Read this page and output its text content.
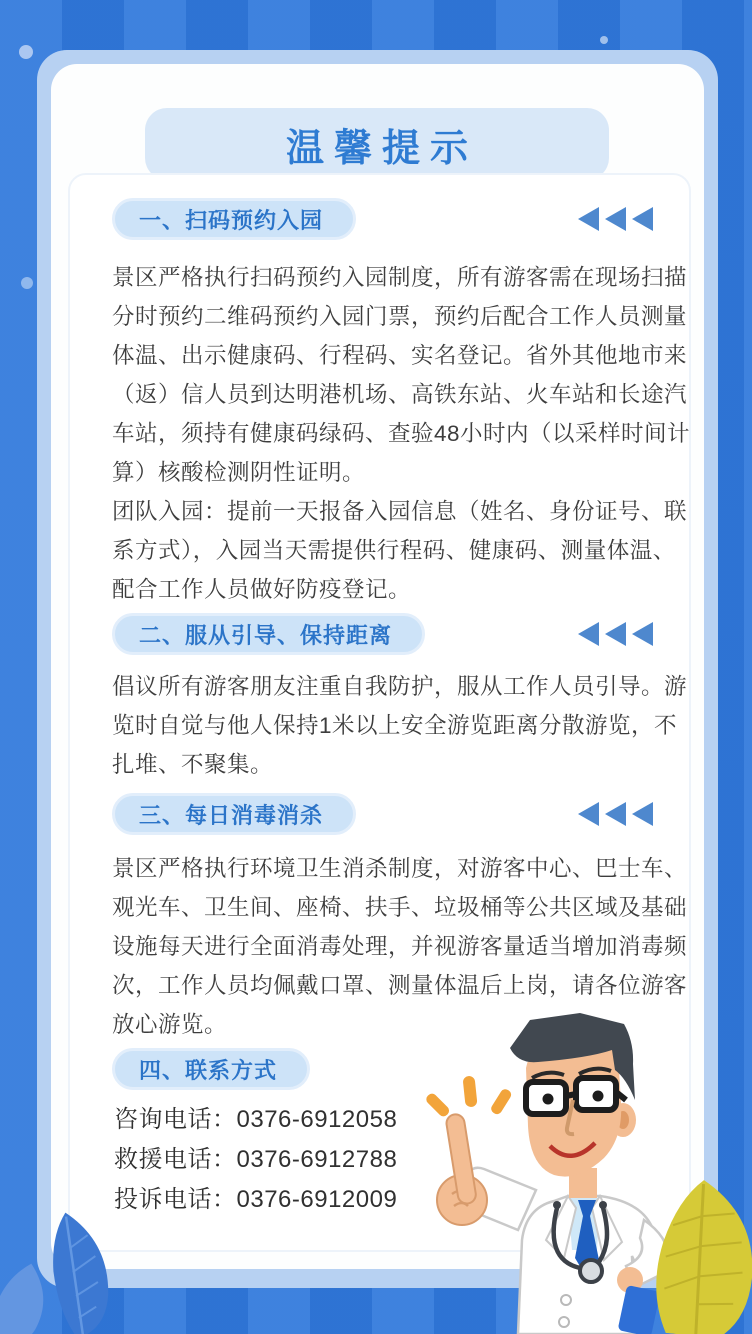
温馨提示
一、扫码预约入园
景区严格执行扫码预约入园制度，所有游客需在现场扫描
分时预约二维码预约入园门票，预约后配合工作人员测量
体温、出示健康码、行程码、实名登记。省外其他地市来
（返）信人员到达明港机场、高铁东站、火车站和长途汽
车站，须持有健康码绿码、查验48小时内（以采样时间计
算）核酸检测阴性证明。
团队入园：提前一天报备入园信息（姓名、身份证号、联
系方式），入园当天需提供行程码、健康码、测量体温、
配合工作人员做好防疫登记。
二、服从引导、保持距离
倡议所有游客朋友注重自我防护，服从工作人员引导。游
览时自觉与他人保持1米以上安全游览距离分散游览，不
扎堆、不聚集。
三、每日消毒消杀
景区严格执行环境卫生消杀制度，对游客中心、巴士车、
观光车、卫生间、座椅、扶手、垃圾桶等公共区域及基础
设施每天进行全面消毒处理，并视游客量适当增加消毒频
次，工作人员均佩戴口罩、测量体温后上岗，请各位游客
放心游览。
四、联系方式
咨询电话：0376-6912058
救援电话：0376-6912788
投诉电话：0376-6912009
